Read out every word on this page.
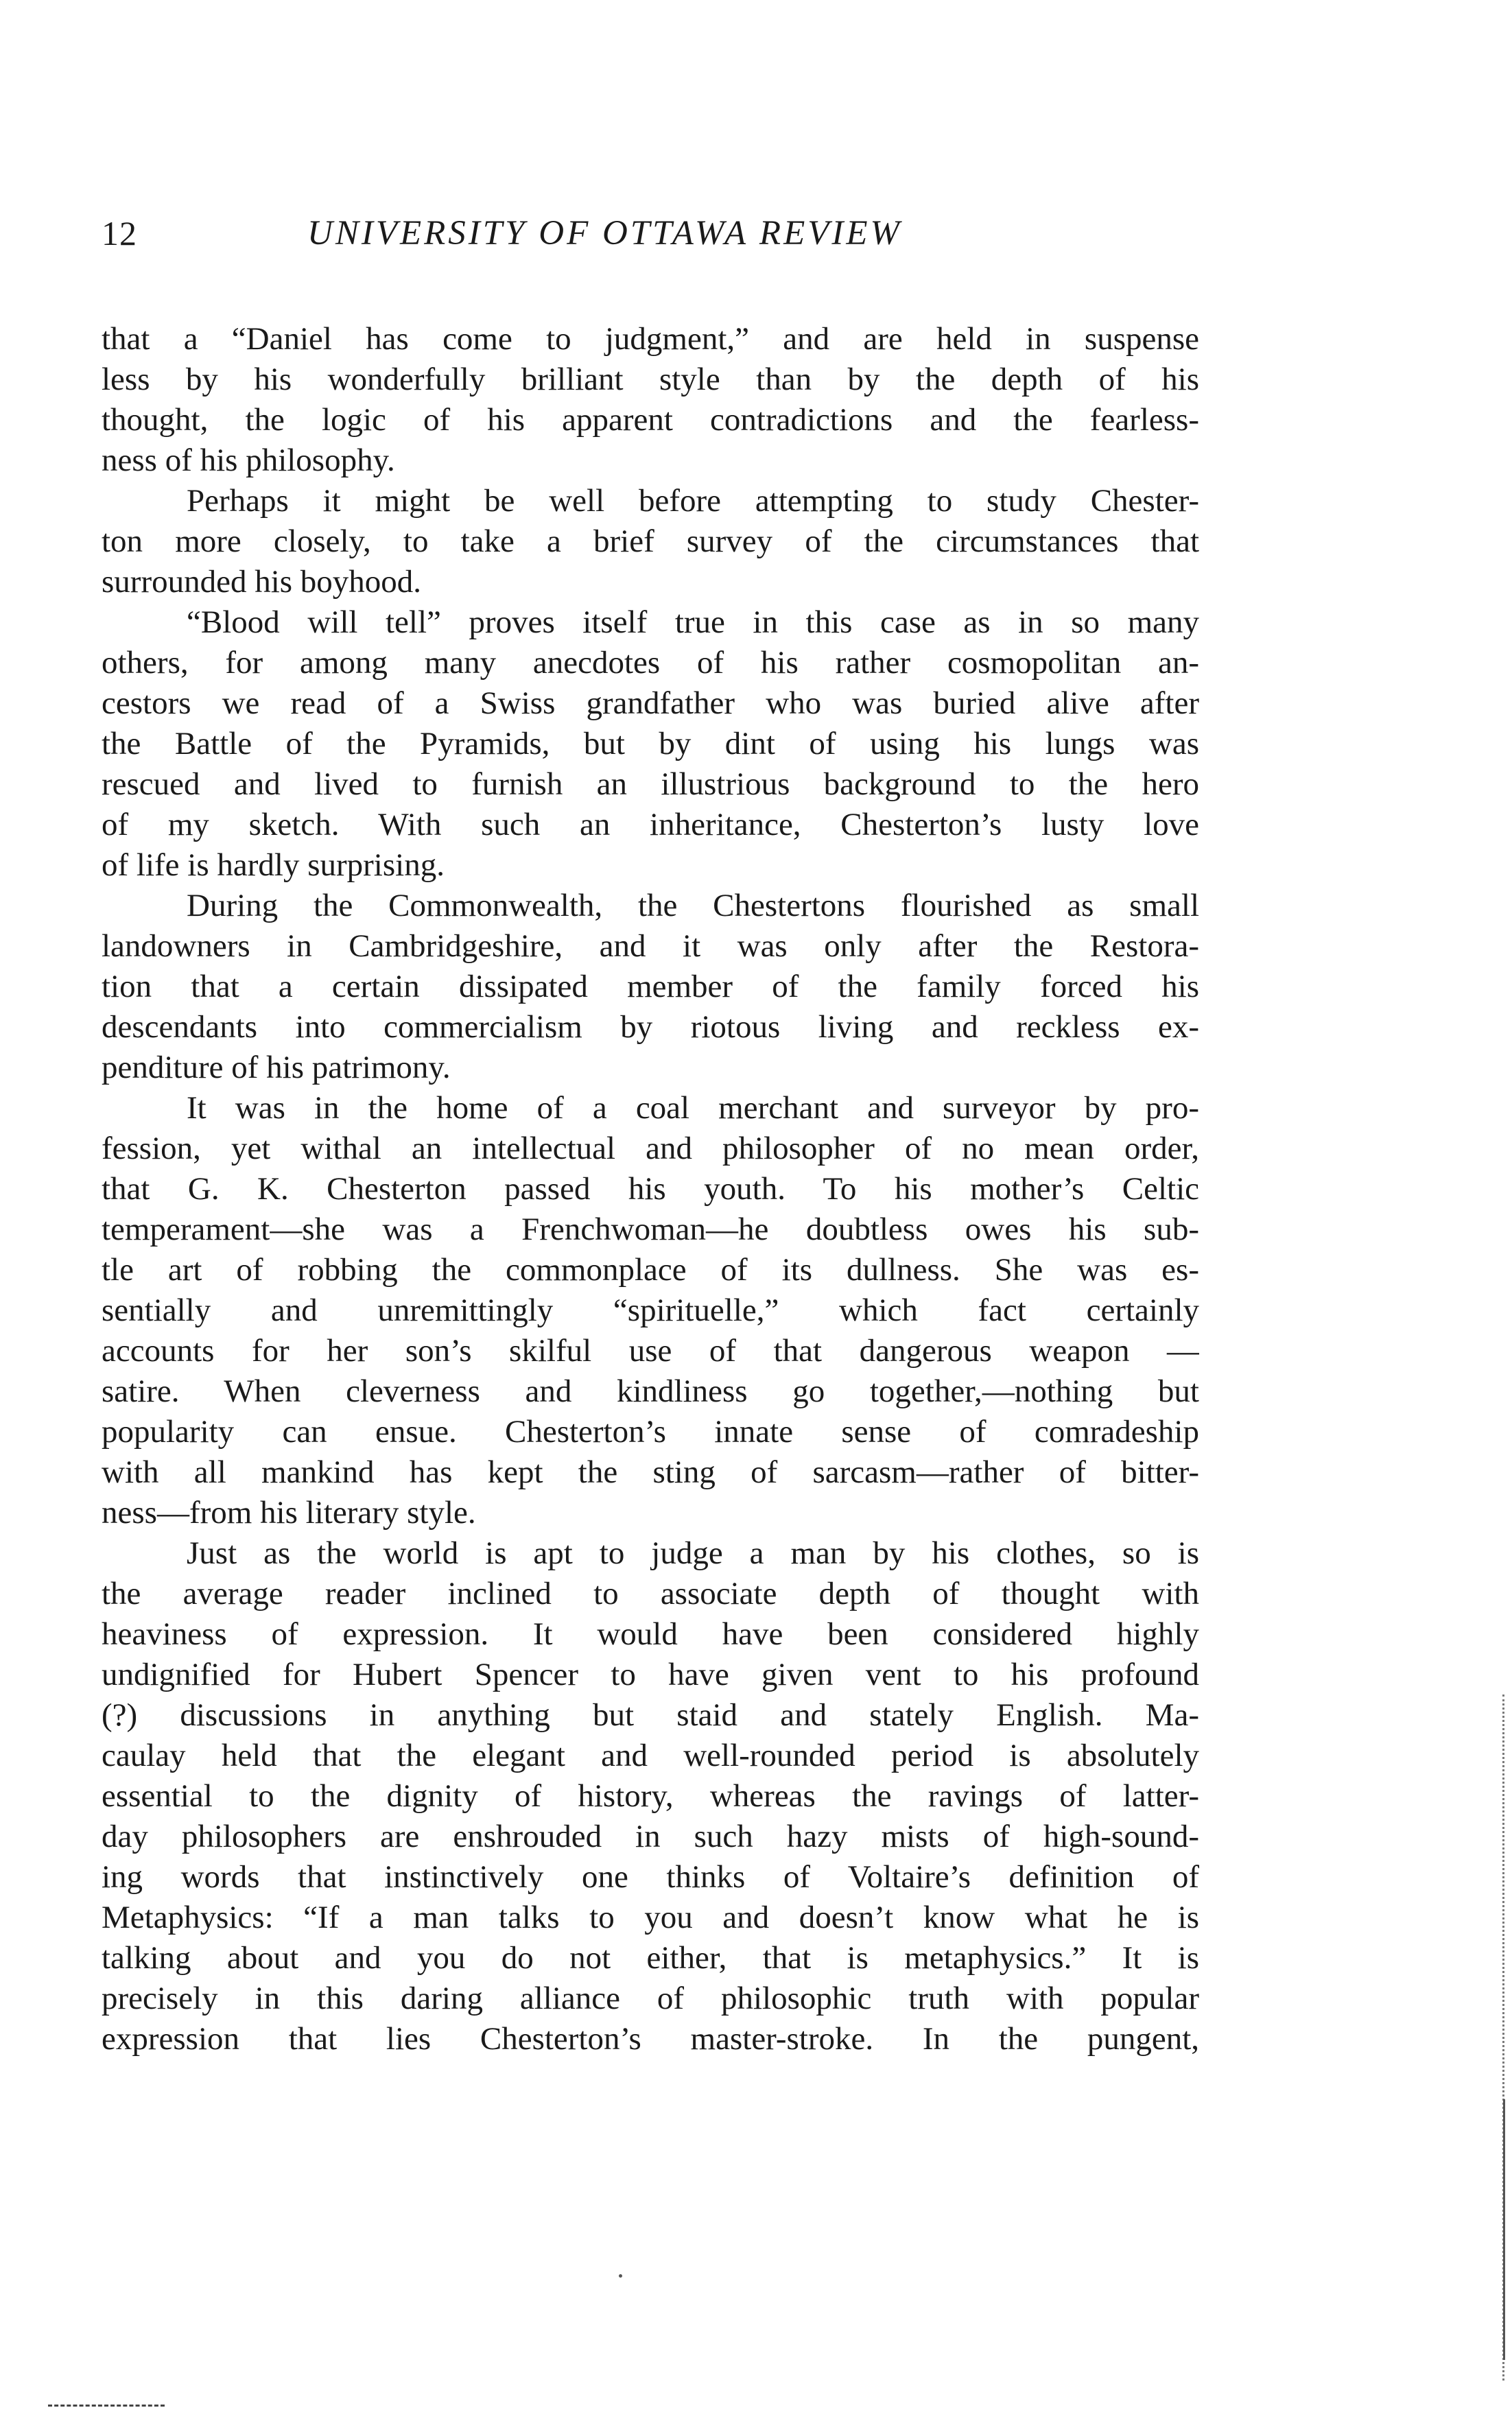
12	UNIVERSITY OF OTTAWA REVIEW
that a “Daniel has come to judgment,” and are held in suspense
less by his wonderfully brilliant style than by the depth of his
thought, the logic of his apparent contradictions and the fearless-
ness of his philosophy.
Perhaps it might be well before attempting to study Chester-
ton more closely, to take a brief survey of the circumstances that
surrounded his boyhood.
“Blood will tell” proves itself true in this case as in so many
others, for among many anecdotes of his rather cosmopolitan an-
cestors we read of a Swiss grandfather who was buried alive after
the Battle of the Pyramids, but by dint of using his lungs was
rescued and lived to furnish an illustrious background to the hero
of my sketch. With such an inheritance, Chesterton’s lusty love
of life is hardly surprising.
During the Commonwealth, the Chestertons flourished as small
landowners in Cambridgeshire, and it was only after the Restora-
tion that a certain dissipated member of the family forced his
descendants into commercialism by riotous living and reckless ex-
penditure of his patrimony.
It was in the home of a coal merchant and surveyor by pro-
fession, yet withal an intellectual and philosopher of no mean order,
that G. K. Chesterton passed his youth. To his mother’s Celtic
temperament—she was a Frenchwoman—he doubtless owes his sub-
tle art of robbing the commonplace of its dullness. She was es-
sentially and unremittingly “spirituelle,” which fact certainly
accounts for her son’s skilful use of that dangerous weapon —
satire. When cleverness and kindliness go together,—nothing but
popularity can ensue. Chesterton’s innate sense of comradeship
with all mankind has kept the sting of sarcasm—rather of bitter-
ness—from his literary style.
Just as the world is apt to judge a man by his clothes, so is
the average reader inclined to associate depth of thought with
heaviness of expression. It would have been considered highly
undignified for Hubert Spencer to have given vent to his profound
(?) discussions in anything but staid and stately English. Ma-
caulay held that the elegant and well-rounded period is absolutely
essential to the dignity of history, whereas the ravings of latter-
day philosophers are enshrouded in such hazy mists of high-sound-
ing words that instinctively one thinks of Voltaire’s definition of
Metaphysics: “If a man talks to you and doesn’t know what he is
talking about and you do not either, that is metaphysics.” It is
precisely in this daring alliance of philosophic truth with popular
expression that lies Chesterton’s master-stroke. In the pungent,
